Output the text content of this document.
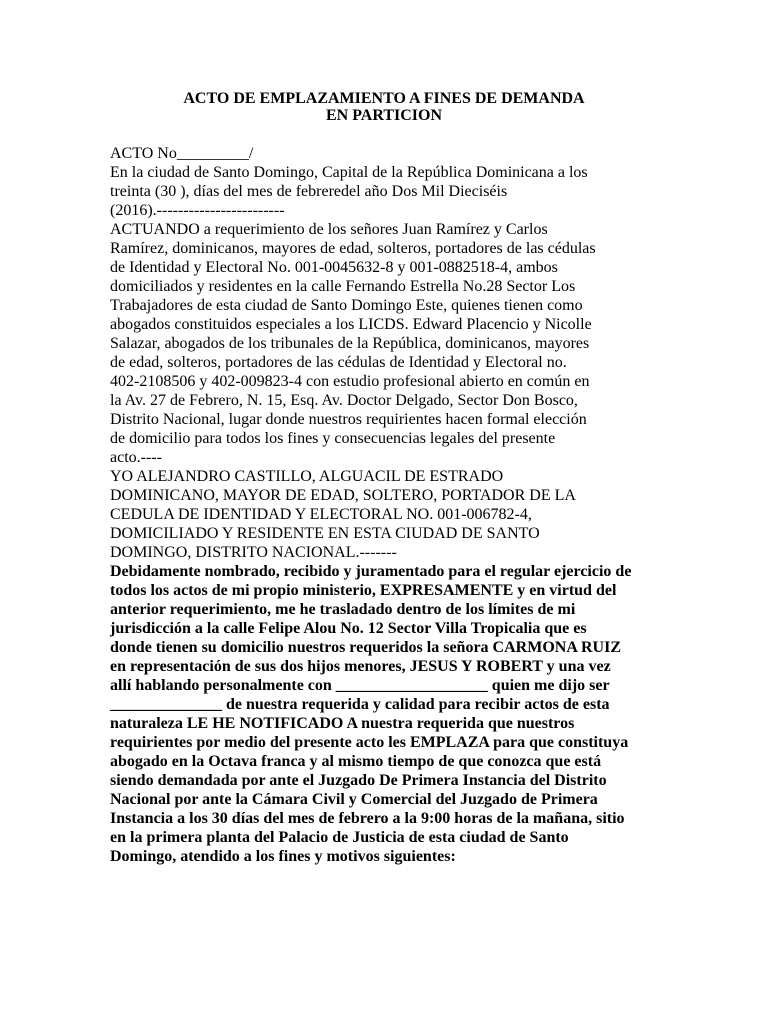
ACTO DE EMPLAZAMIENTO A FINES DE DEMANDA
EN PARTICION
ACTO No_________/
En la ciudad de Santo Domingo, Capital de la República Dominicana a los
treinta (30 ), días del mes de febreredel año Dos Mil Dieciséis
(2016).------------------------
ACTUANDO a requerimiento de los señores Juan Ramírez y Carlos
Ramírez, dominicanos, mayores de edad, solteros, portadores de las cédulas
de Identidad y Electoral No. 001-0045632-8 y 001-0882518-4, ambos
domiciliados y residentes en la calle Fernando Estrella No.28 Sector Los
Trabajadores de esta ciudad de Santo Domingo Este, quienes tienen como
abogados constituidos especiales a los LICDS. Edward Placencio y Nicolle
Salazar, abogados de los tribunales de la República, dominicanos, mayores
de edad, solteros, portadores de las cédulas de Identidad y Electoral no.
402-2108506 y 402-009823-4 con estudio profesional abierto en común en
la Av. 27 de Febrero, N. 15, Esq. Av. Doctor Delgado, Sector Don Bosco,
Distrito Nacional, lugar donde nuestros requirientes hacen formal elección
de domicilio para todos los fines y consecuencias legales del presente
acto.----
YO ALEJANDRO CASTILLO, ALGUACIL DE ESTRADO
DOMINICANO, MAYOR DE EDAD, SOLTERO, PORTADOR DE LA
CEDULA DE IDENTIDAD Y ELECTORAL NO. 001-006782-4,
DOMICILIADO Y RESIDENTE EN ESTA CIUDAD DE SANTO
DOMINGO, DISTRITO NACIONAL.-------
Debidamente nombrado, recibido y juramentado para el regular ejercicio de
todos los actos de mi propio ministerio, EXPRESAMENTE y en virtud del
anterior requerimiento, me he trasladado dentro de los límites de mi
jurisdicción a la calle Felipe Alou No. 12 Sector Villa Tropicalia que es
donde tienen su domicilio nuestros requeridos la señora CARMONA RUIZ
en representación de sus dos hijos menores, JESUS Y ROBERT y una vez
allí hablando personalmente con ___________________ quien me dijo ser
______________ de nuestra requerida y calidad para recibir actos de esta
naturaleza LE HE NOTIFICADO A nuestra requerida que nuestros
requirientes por medio del presente acto les EMPLAZA para que constituya
abogado en la Octava franca y al mismo tiempo de que conozca que está
siendo demandada por ante el Juzgado De Primera Instancia del Distrito
Nacional por ante la Cámara Civil y Comercial del Juzgado de Primera
Instancia a los 30 días del mes de febrero a la 9:00 horas de la mañana, sitio
en la primera planta del Palacio de Justicia de esta ciudad de Santo
Domingo, atendido a los fines y motivos siguientes:
